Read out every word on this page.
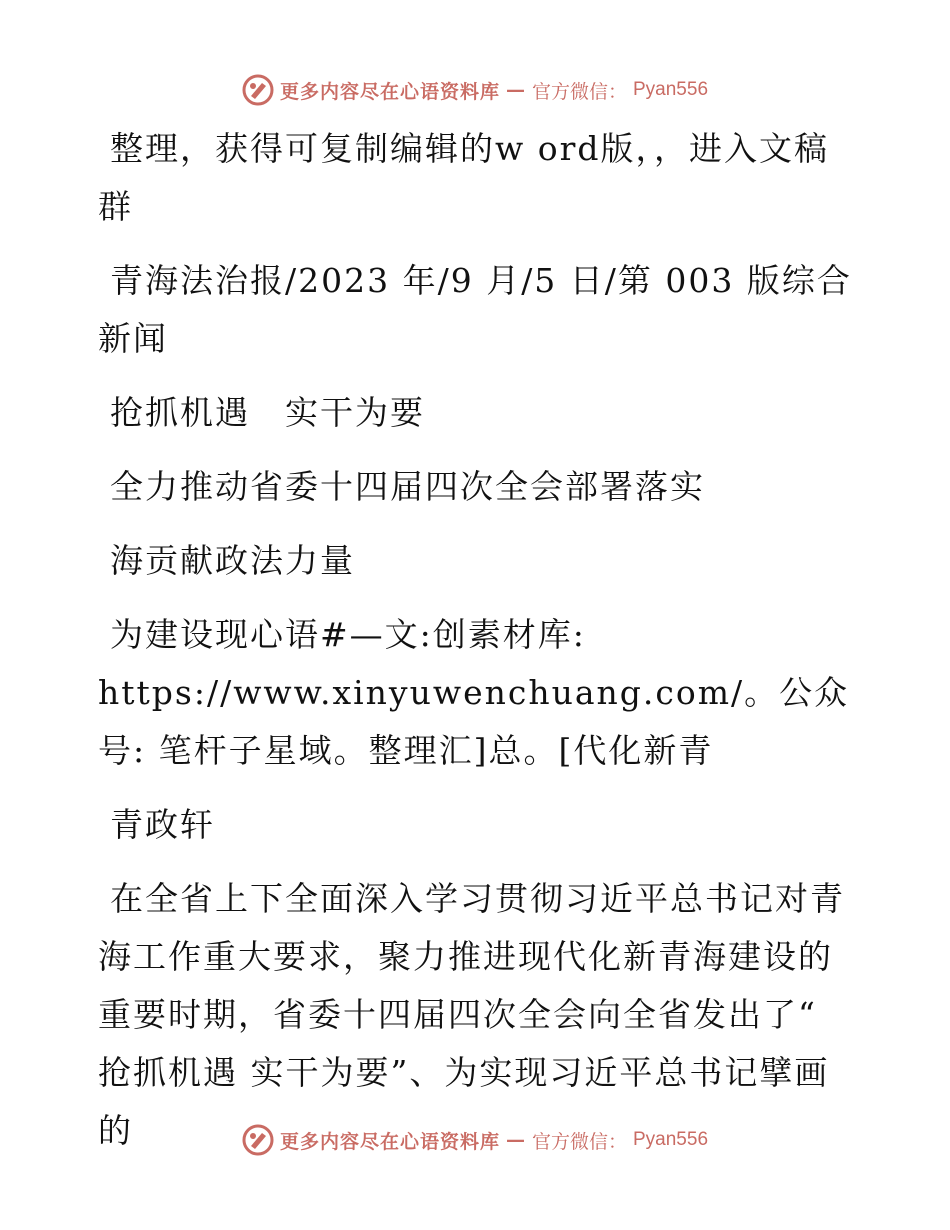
更多内容尽在心语资料库 — 官方微信： Pyan556

整理，获得可复制编辑的w ord版，，进入文稿群

青海法治报/2023 年/9 月/5 日/第 003 版综合新闻

抢抓机遇　实干为要

全力推动省委十四届四次全会部署落实

海贡献政法力量

为建设现心语#—文:创素材库: https://www.xinyuwenchuang.com/。公众号: 笔杆子星域。整理汇]总。[代化新青

青政轩

在全省上下全面深入学习贯彻习近平总书记对青海工作重大要求，聚力推进现代化新青海建设的重要时期，省委十四届四次全会向全省发出了“ 抢抓机遇 实干为要”、为实现习近平总书记擘画的	更多内容尽在心语资料库 — 官方微信： Pyan556
